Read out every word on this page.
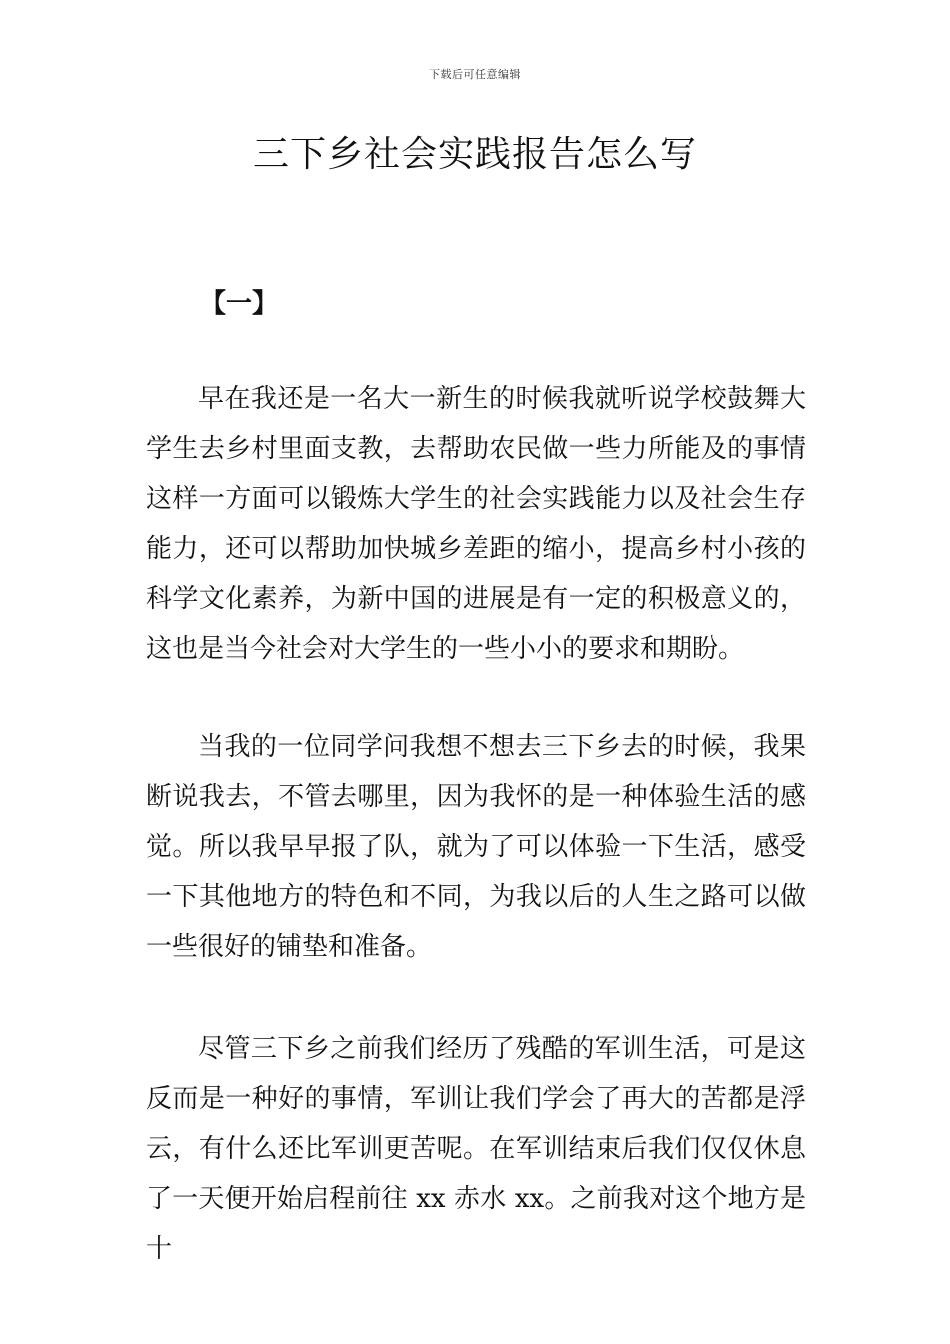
下载后可任意编辑
三下乡社会实践报告怎么写
【一】

早在我还是一名大一新生的时候我就听说学校鼓舞大学生去乡村里面支教，去帮助农民做一些力所能及的事情这样一方面可以锻炼大学生的社会实践能力以及社会生存能力，还可以帮助加快城乡差距的缩小，提高乡村小孩的科学文化素养，为新中国的进展是有一定的积极意义的，这也是当今社会对大学生的一些小小的要求和期盼。

当我的一位同学问我想不想去三下乡去的时候，我果断说我去，不管去哪里，因为我怀的是一种体验生活的感觉。所以我早早报了队，就为了可以体验一下生活，感受一下其他地方的特色和不同，为我以后的人生之路可以做一些很好的铺垫和准备。

尽管三下乡之前我们经历了残酷的军训生活，可是这反而是一种好的事情，军训让我们学会了再大的苦都是浮云，有什么还比军训更苦呢。在军训结束后我们仅仅休息了一天便开始启程前往 xx 赤水 xx。之前我对这个地方是十
